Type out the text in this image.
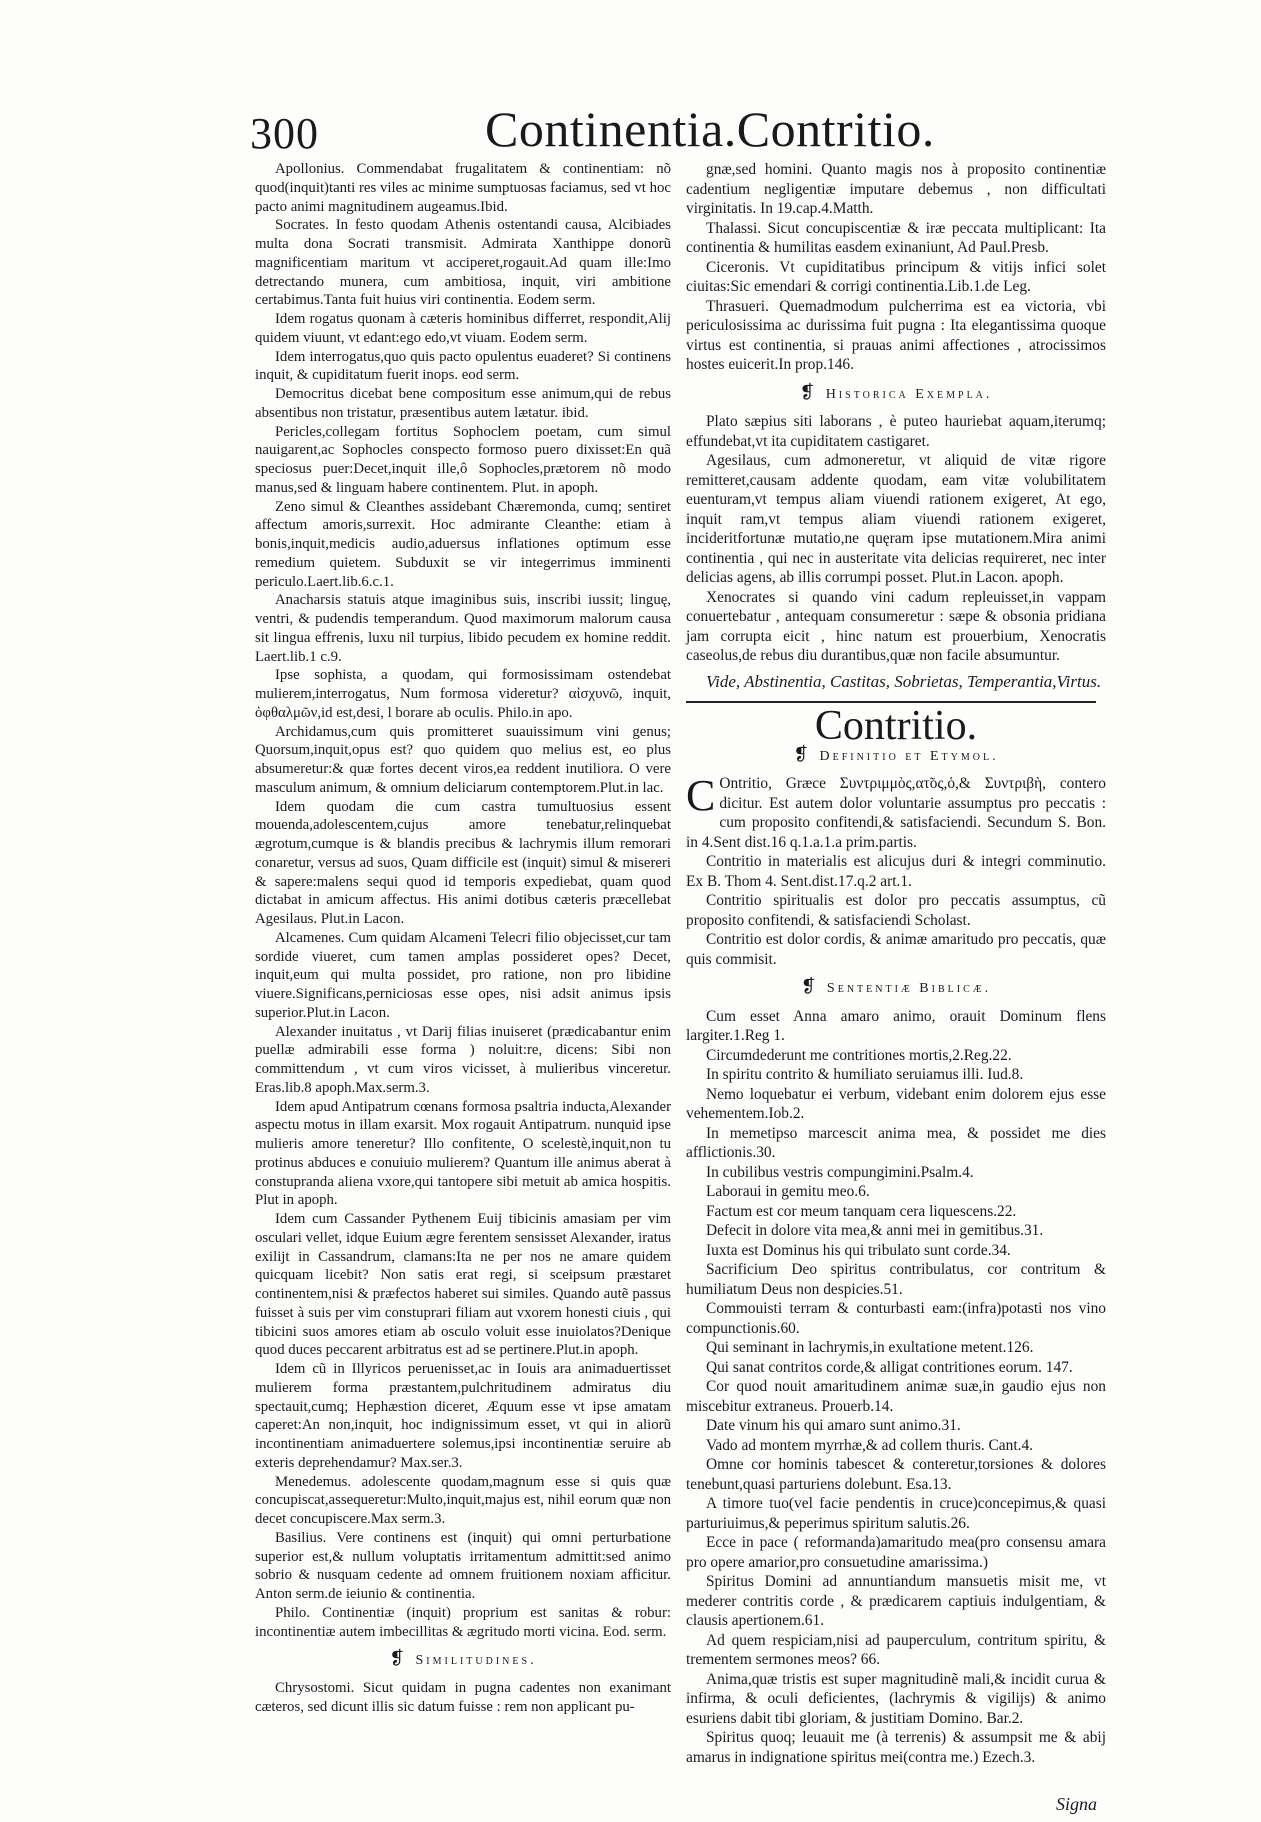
300	Continentia.Contritio.

Apollonius. Commendabat frugalitatem & continentiam: nõ quod(inquit)tanti res viles ac minime sumptuosas faciamus, sed vt hoc pacto animi magnitudinem augeamus.Ibid.

Socrates. In festo quodam Athenis ostentandi causa, Alcibiades multa dona Socrati transmisit. Admirata Xanthippe donorũ magnificentiam maritum vt acciperet,rogauit.Ad quam ille:Imo detrectando munera, cum ambitiosa, inquit, viri ambitione certabimus.Tanta fuit huius viri continentia. Eodem serm.

Idem rogatus quonam à cæteris hominibus differret, respondit,Alij quidem viuunt, vt edant:ego edo,vt viuam. Eodem serm.

Idem interrogatus,quo quis pacto opulentus euaderet? Si continens inquit, & cupiditatum fuerit inops. eod serm.

Democritus dicebat bene compositum esse animum,qui de rebus absentibus non tristatur, præsentibus autem lætatur. ibid.

Pericles,collegam fortitus Sophoclem poetam, cum simul nauigarent,ac Sophocles conspecto formoso puero dixisset:En quã speciosus puer:Decet,inquit ille,ô Sophocles,prætorem nõ modo manus,sed & linguam habere continentem. Plut. in apoph.

Zeno simul & Cleanthes assidebant Chæremonda, cumq; sentiret affectum amoris,surrexit. Hoc admirante Cleanthe: etiam à bonis,inquit,medicis audio,aduersus inflationes optimum esse remedium quietem. Subduxit se vir integerrimus imminenti periculo.Laert.lib.6.c.1.

Anacharsis statuis atque imaginibus suis, inscribi iussit; linguę, ventri, & pudendis temperandum. Quod maximorum malorum causa sit lingua effrenis, luxu nil turpius, libido pecudem ex homine reddit. Laert.lib.1 c.9.

Ipse sophista, a quodam, qui formosissimam ostendebat mulierem,interrogatus, Num formosa videretur? αἰσχυνῶ, inquit, ὀφθαλμῶν,id est,desi, l borare ab oculis. Philo.in apo.

Archidamus,cum quis promitteret suauissimum vini genus; Quorsum,inquit,opus est? quo quidem quo melius est, eo plus absumeretur:& quæ fortes decent viros,ea reddent inutiliora. O vere masculum animum, & omnium deliciarum contemptorem.Plut.in lac.

Idem quodam die cum castra tumultuosius essent mouenda,adolescentem,cujus amore tenebatur,relinquebat ægrotum,cumque is & blandis precibus & lachrymis illum remorari conaretur, versus ad suos, Quam difficile est (inquit) simul & misereri & sapere:malens sequi quod id temporis expediebat, quam quod dictabat in amicum affectus. His animi dotibus cæteris præcellebat Agesilaus. Plut.in Lacon.

Alcamenes. Cum quidam Alcameni Telecri filio objecisset,cur tam sordide viueret, cum tamen amplas possideret opes? Decet, inquit,eum qui multa possidet, pro ratione, non pro libidine viuere.Significans,perniciosas esse opes, nisi adsit animus ipsis superior.Plut.in Lacon.

Alexander inuitatus , vt Darij filias inuiseret (prædicabantur enim puellæ admirabili esse forma ) noluit:re, dicens: Sibi non committendum , vt cum viros vicisset, à mulieribus vinceretur. Eras.lib.8 apoph.Max.serm.3.

Idem apud Antipatrum cœnans formosa psaltria inducta,Alexander aspectu motus in illam exarsit. Mox rogauit Antipatrum. nunquid ipse mulieris amore teneretur? Illo confitente, O scelestè,inquit,non tu protinus abduces e conuiuio mulierem? Quantum ille animus aberat à constupranda aliena vxore,qui tantopere sibi metuit ab amica hospitis. Plut in apoph.

Idem cum Cassander Pythenem Euij tibicinis amasiam per vim osculari vellet, idque Euium ægre ferentem sensisset Alexander, iratus exilijt in Cassandrum, clamans:Ita ne per nos ne amare quidem quicquam licebit? Non satis erat regi, si sceipsum præstaret continentem,nisi & præfectos haberet sui similes. Quando autẽ passus fuisset à suis per vim constuprari filiam aut vxorem honesti ciuis , qui tibicini suos amores etiam ab osculo voluit esse inuiolatos?Denique quod duces peccarent arbitratus est ad se pertinere.Plut.in apoph.

Idem cũ in Illyricos peruenisset,ac in Iouis ara animaduertisset mulierem forma præstantem,pulchritudinem admiratus diu spectauit,cumq; Hephæstion diceret, Æquum esse vt ipse amatam caperet:An non,inquit, hoc indignissimum esset, vt qui in aliorũ incontinentiam animaduertere solemus,ipsi incontinentiæ seruire ab exteris deprehendamur? Max.ser.3.

Menedemus. adolescente quodam,magnum esse si quis quæ concupiscat,assequeretur:Multo,inquit,majus est, nihil eorum quæ non decet concupiscere.Max serm.3.

Basilius. Vere continens est (inquit) qui omni perturbatione superior est,& nullum voluptatis irritamentum admittit:sed animo sobrio & nusquam cedente ad omnem fruitionem noxiam afficitur. Anton serm.de ieiunio & continentia.

Philo. Continentiæ (inquit) proprium est sanitas & robur: incontinentiæ autem imbecillitas & ægritudo morti vicina. Eod. serm.

❡ Similitudines.

Chrysostomi. Sicut quidam in pugna cadentes non exanimant cæteros, sed dicunt illis sic datum fuisse : rem non applicant pu-

gnæ,sed homini. Quanto magis nos à proposito continentiæ cadentium negligentiæ imputare debemus , non difficultati virginitatis. In 19.cap.4.Matth.

Thalassi. Sicut concupiscentiæ & iræ peccata multiplicant: Ita continentia & humilitas easdem exinaniunt, Ad Paul.Presb.

Ciceronis. Vt cupiditatibus principum & vitijs infici solet ciuitas:Sic emendari & corrigi continentia.Lib.1.de Leg.

Thrasueri. Quemadmodum pulcherrima est ea victoria, vbi periculosissima ac durissima fuit pugna : Ita elegantissima quoque virtus est continentia, si prauas animi affectiones , atrocissimos hostes euicerit.In prop.146.

❡ Historica Exempla.

Plato sæpius siti laborans , è puteo hauriebat aquam,iterumq; effundebat,vt ita cupiditatem castigaret.

Agesilaus, cum admoneretur, vt aliquid de vitæ rigore remitteret,causam addente quodam, eam vitæ volubilitatem euenturam,vt tempus aliam viuendi rationem exigeret, At ego, inquit ram,vt tempus aliam viuendi rationem exigeret, incideritfortunæ mutatio,ne quęram ipse mutationem.Mira animi continentia , qui nec in austeritate vita delicias requireret, nec inter delicias agens, ab illis corrumpi posset. Plut.in Lacon. apoph.

Xenocrates si quando vini cadum repleuisset,in vappam conuertebatur , antequam consumeretur : sæpe & obsonia pridiana jam corrupta eicit , hinc natum est prouerbium, Xenocratis caseolus,de rebus diu durantibus,quæ non facile absumuntur.

Vide, Abstinentia, Castitas, Sobrietas, Temperantia,Virtus.

Contritio.
❡ Definitio et Etymol.

C Ontritio, Græce Συντριμμὸς,ατ̃ος,ὁ,& Συντριβὴ, contero dicitur. Est autem dolor voluntarie assumptus pro peccatis : cum proposito confitendi,& satisfaciendi. Secundum S. Bon. in 4.Sent dist.16 q.1.a.1.a prim.partis.

Contritio in materialis est alicujus duri & integri comminutio. Ex B. Thom 4. Sent.dist.17.q.2 art.1.

Contritio spiritualis est dolor pro peccatis assumptus, cũ proposito confitendi, & satisfaciendi Scholast.

Contritio est dolor cordis, & animæ amaritudo pro peccatis, quæ quis commisit.

❡ Sententiæ Biblicæ.

Cum esset Anna amaro animo, orauit Dominum flens largiter.1.Reg 1.

Circumdederunt me contritiones mortis,2.Reg.22.

In spiritu contrito & humiliato seruiamus illi. Iud.8.

Nemo loquebatur ei verbum, videbant enim dolorem ejus esse vehementem.Iob.2.

In memetipso marcescit anima mea, & possidet me dies afflictionis.30.

In cubilibus vestris compungimini.Psalm.4.

Laboraui in gemitu meo.6.

Factum est cor meum tanquam cera liquescens.22.

Defecit in dolore vita mea,& anni mei in gemitibus.31.

Iuxta est Dominus his qui tribulato sunt corde.34.

Sacrificium Deo spiritus contribulatus, cor contritum & humiliatum Deus non despicies.51.

Commouisti terram & conturbasti eam:(infra)potasti nos vino compunctionis.60.

Qui seminant in lachrymis,in exultatione metent.126.

Qui sanat contritos corde,& alligat contritiones eorum. 147.

Cor quod nouit amaritudinem animæ suæ,in gaudio ejus non miscebitur extraneus. Prouerb.14.

Date vinum his qui amaro sunt animo.31.

Vado ad montem myrrhæ,& ad collem thuris. Cant.4.

Omne cor hominis tabescet & conteretur,torsiones & dolores tenebunt,quasi parturiens dolebunt. Esa.13.

A timore tuo(vel facie pendentis in cruce)concepimus,& quasi parturiuimus,& peperimus spiritum salutis.26.

Ecce in pace ( reformanda)amaritudo mea(pro consensu amara pro opere amarior,pro consuetudine amarissima.)

Spiritus Domini ad annuntiandum mansuetis misit me, vt mederer contritis corde , & prædicarem captiuis indulgentiam, & clausis apertionem.61.

Ad quem respiciam,nisi ad pauperculum, contritum spiritu, & trementem sermones meos? 66.

Anima,quæ tristis est super magnitudinẽ mali,& incidit curua & infirma, & oculi deficientes, (lachrymis & vigilijs) & animo esuriens dabit tibi gloriam, & justitiam Domino. Bar.2.

Spiritus quoq; leuauit me (à terrenis) & assumpsit me & abij amarus in indignatione spiritus mei(contra me.) Ezech.3.

Signa
